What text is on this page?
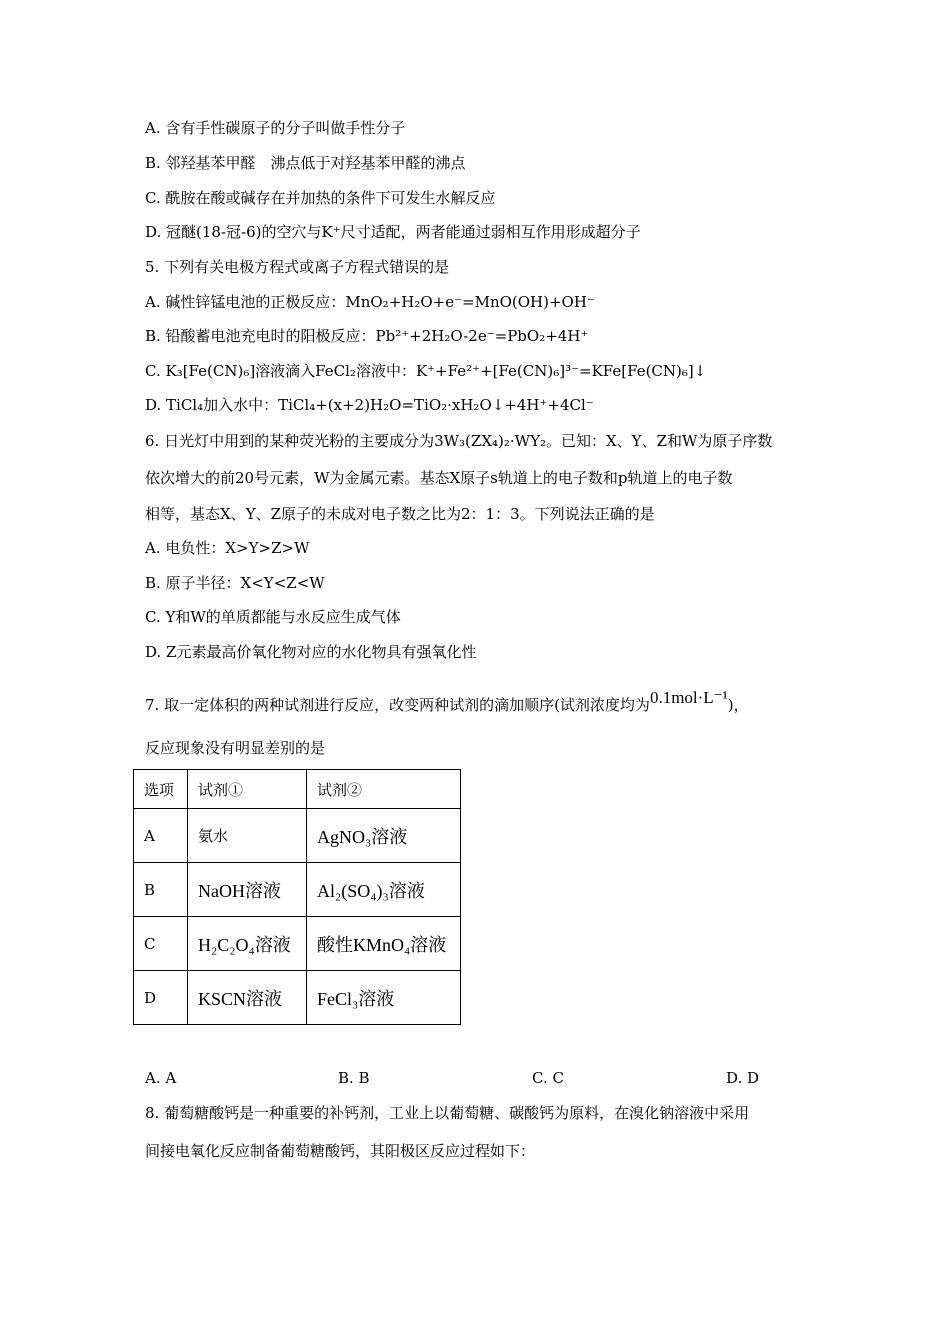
A. 含有手性碳原子的分子叫做手性分子
B. 邻羟基苯甲醛　沸点低于对羟基苯甲醛的沸点
C. 酰胺在酸或碱存在并加热的条件下可发生水解反应
D. 冠醚(18-冠-6)的空穴与K⁺尺寸适配，两者能通过弱相互作用形成超分子
5. 下列有关电极方程式或离子方程式错误的是
A. 碱性锌锰电池的正极反应：MnO₂+H₂O+e⁻=MnO(OH)+OH⁻
B. 铅酸蓄电池充电时的阳极反应：Pb²⁺+2H₂O-2e⁻=PbO₂+4H⁺
C. K₃[Fe(CN)₆]溶液滴入FeCl₂溶液中：K⁺+Fe²⁺+[Fe(CN)₆]³⁻=KFe[Fe(CN)₆]↓
D. TiCl₄加入水中：TiCl₄+(x+2)H₂O=TiO₂·xH₂O↓+4H⁺+4Cl⁻
6. 日光灯中用到的某种荧光粉的主要成分为3W₃(ZX₄)₂·WY₂。已知：X、Y、Z和W为原子序数
依次增大的前20号元素，W为金属元素。基态X原子s轨道上的电子数和p轨道上的电子数
相等，基态X、Y、Z原子的未成对电子数之比为2：1：3。下列说法正确的是
A. 电负性：X>Y>Z>W
B. 原子半径：X<Y<Z<W
C. Y和W的单质都能与水反应生成气体
D. Z元素最高价氧化物对应的水化物具有强氧化性
7. 取一定体积的两种试剂进行反应，改变两种试剂的滴加顺序(试剂浓度均为0.1mol·L⁻¹)，
反应现象没有明显差别的是
选项	试剂①	试剂②
A	氨水	AgNO₃溶液
B	NaOH溶液	Al₂(SO₄)₃溶液
C	H₂C₂O₄溶液	酸性KMnO₄溶液
D	KSCN溶液	FeCl₃溶液
A. A	B. B	C. C	D. D
8. 葡萄糖酸钙是一种重要的补钙剂，工业上以葡萄糖、碳酸钙为原料，在溴化钠溶液中采用
间接电氧化反应制备葡萄糖酸钙，其阳极区反应过程如下：
